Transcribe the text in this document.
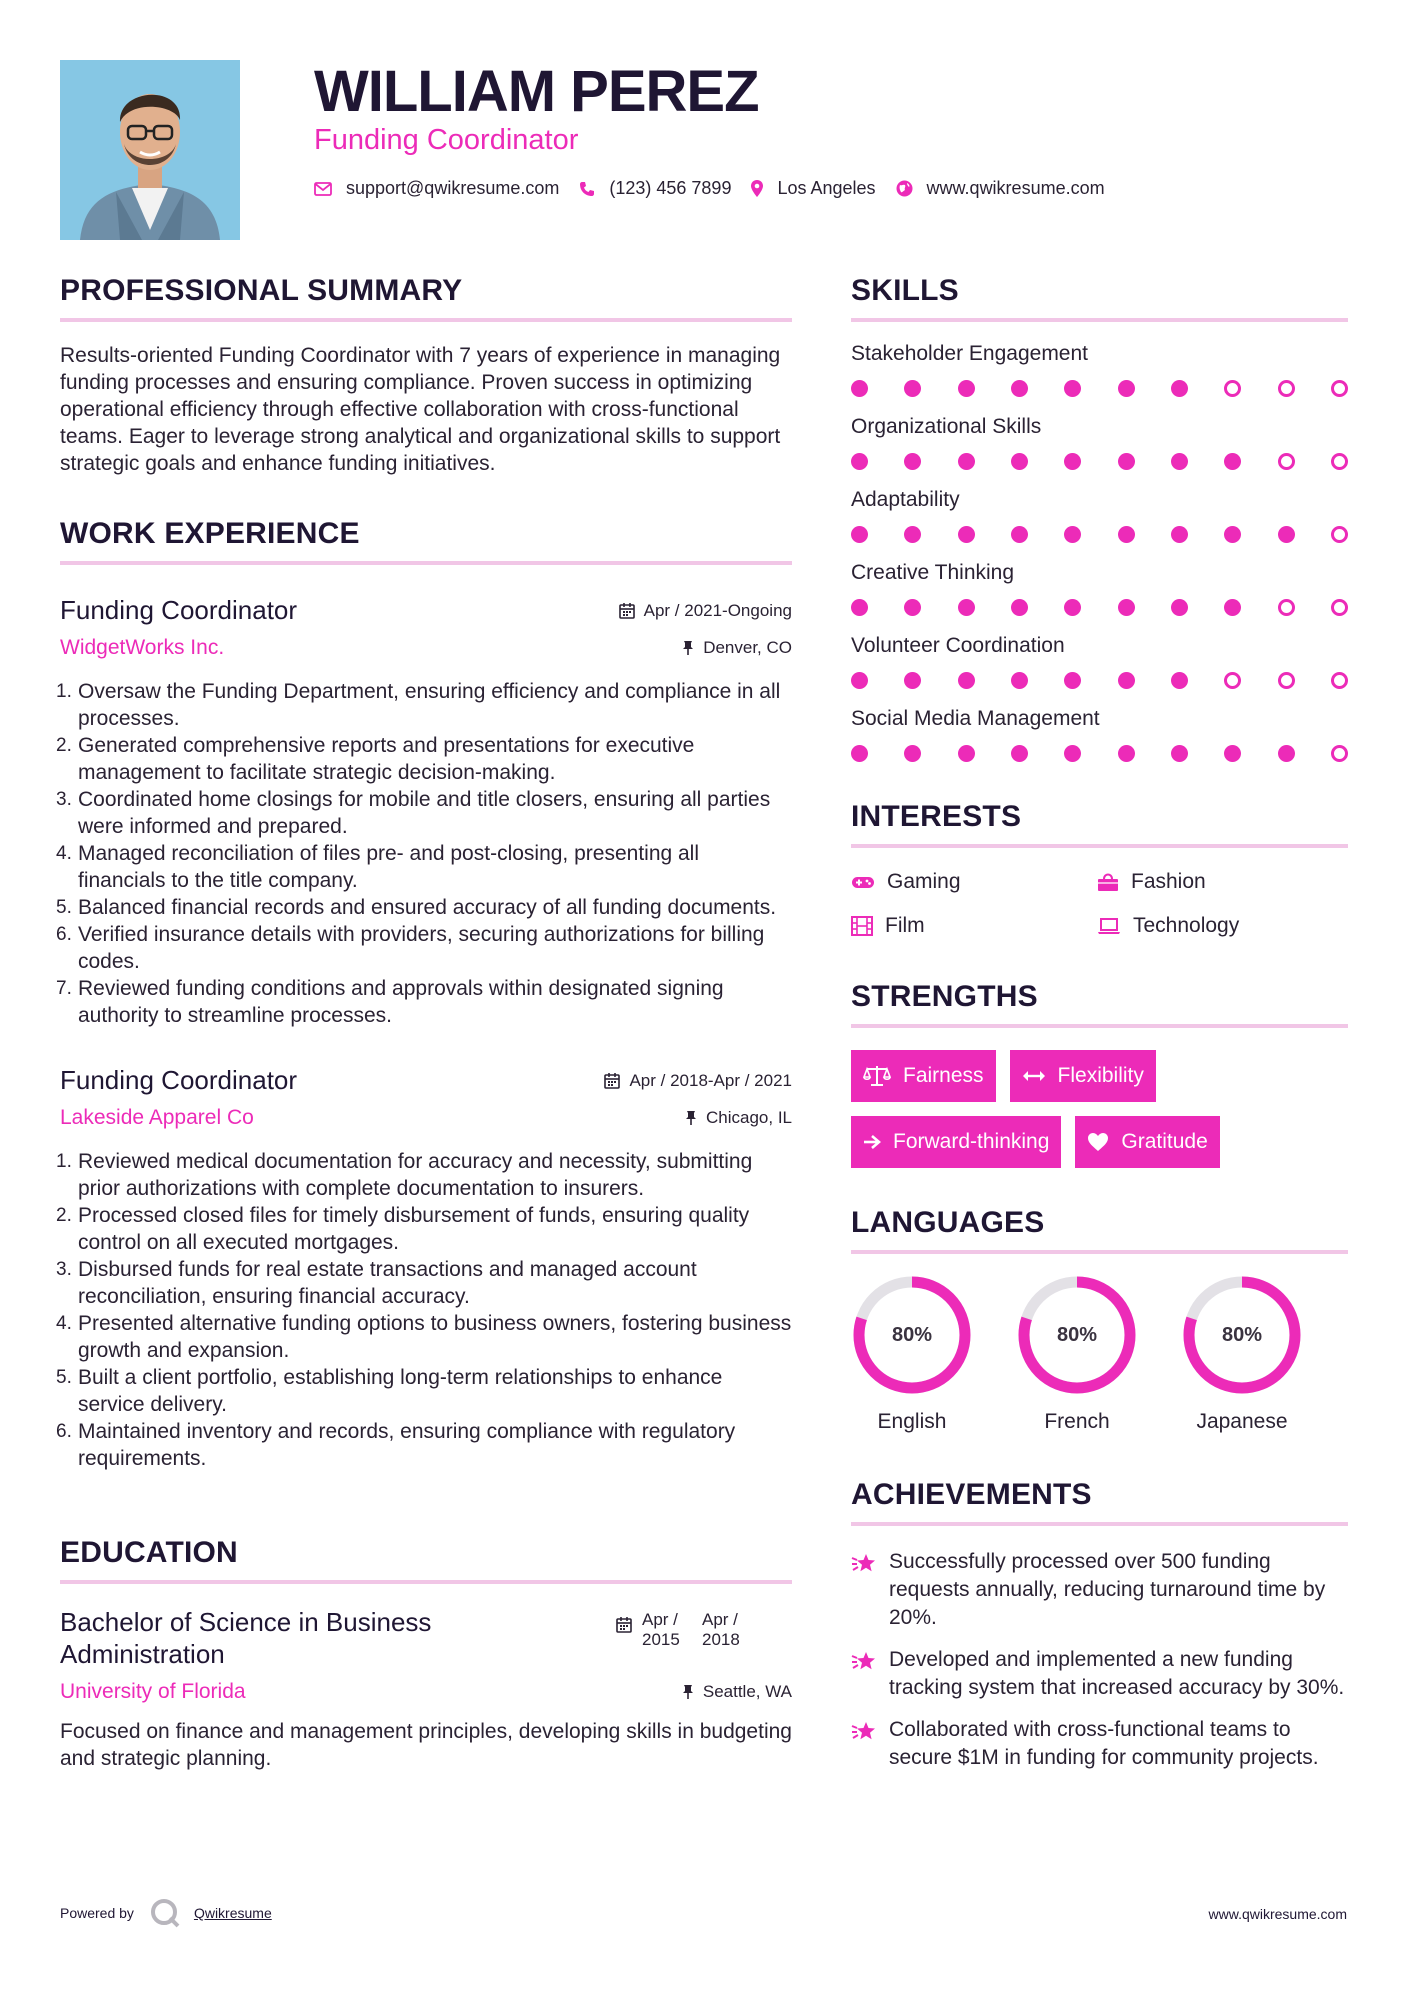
WILLIAM PEREZ
Funding Coordinator
support@qwikresume.com	(123) 456 7899	Los Angeles	www.qwikresume.com
PROFESSIONAL SUMMARY

Results-oriented Funding Coordinator with 7 years of experience in managing funding processes and ensuring compliance. Proven success in optimizing operational efficiency through effective collaboration with cross-functional teams. Eager to leverage strong analytical and organizational skills to support strategic goals and enhance funding initiatives.

WORK EXPERIENCE
Funding Coordinator	Apr / 2021-Ongoing
WidgetWorks Inc.	Denver, CO
1. Oversaw the Funding Department, ensuring efficiency and compliance in all processes.
2. Generated comprehensive reports and presentations for executive management to facilitate strategic decision-making.
3. Coordinated home closings for mobile and title closers, ensuring all parties were informed and prepared.
4. Managed reconciliation of files pre- and post-closing, presenting all financials to the title company.
5. Balanced financial records and ensured accuracy of all funding documents.
6. Verified insurance details with providers, securing authorizations for billing codes.
7. Reviewed funding conditions and approvals within designated signing authority to streamline processes.
Funding Coordinator	Apr / 2018-Apr / 2021
Lakeside Apparel Co	Chicago, IL
1. Reviewed medical documentation for accuracy and necessity, submitting prior authorizations with complete documentation to insurers.
2. Processed closed files for timely disbursement of funds, ensuring quality control on all executed mortgages.
3. Disbursed funds for real estate transactions and managed account reconciliation, ensuring financial accuracy.
4. Presented alternative funding options to business owners, fostering business growth and expansion.
5. Built a client portfolio, establishing long-term relationships to enhance service delivery.
6. Maintained inventory and records, ensuring compliance with regulatory requirements.
EDUCATION
Bachelor of Science in Business Administration
Apr / 2015
Apr / 2018
University of Florida	Seattle, WA

Focused on finance and management principles, developing skills in budgeting and strategic planning.

SKILLS
Stakeholder Engagement
Organizational Skills
Adaptability
Creative Thinking
Volunteer Coordination
Social Media Management
INTERESTS
Gaming	Fashion
Film	Technology
STRENGTHS
Fairness	Flexibility
Forward-thinking	Gratitude
LANGUAGES
80%
English
80%
French
80%
Japanese
ACHIEVEMENTS
Successfully processed over 500 funding requests annually, reducing turnaround time by 20%.
Developed and implemented a new funding tracking system that increased accuracy by 30%.
Collaborated with cross-functional teams to secure $1M in funding for community projects.
Powered by	Qwikresume	www.qwikresume.com
